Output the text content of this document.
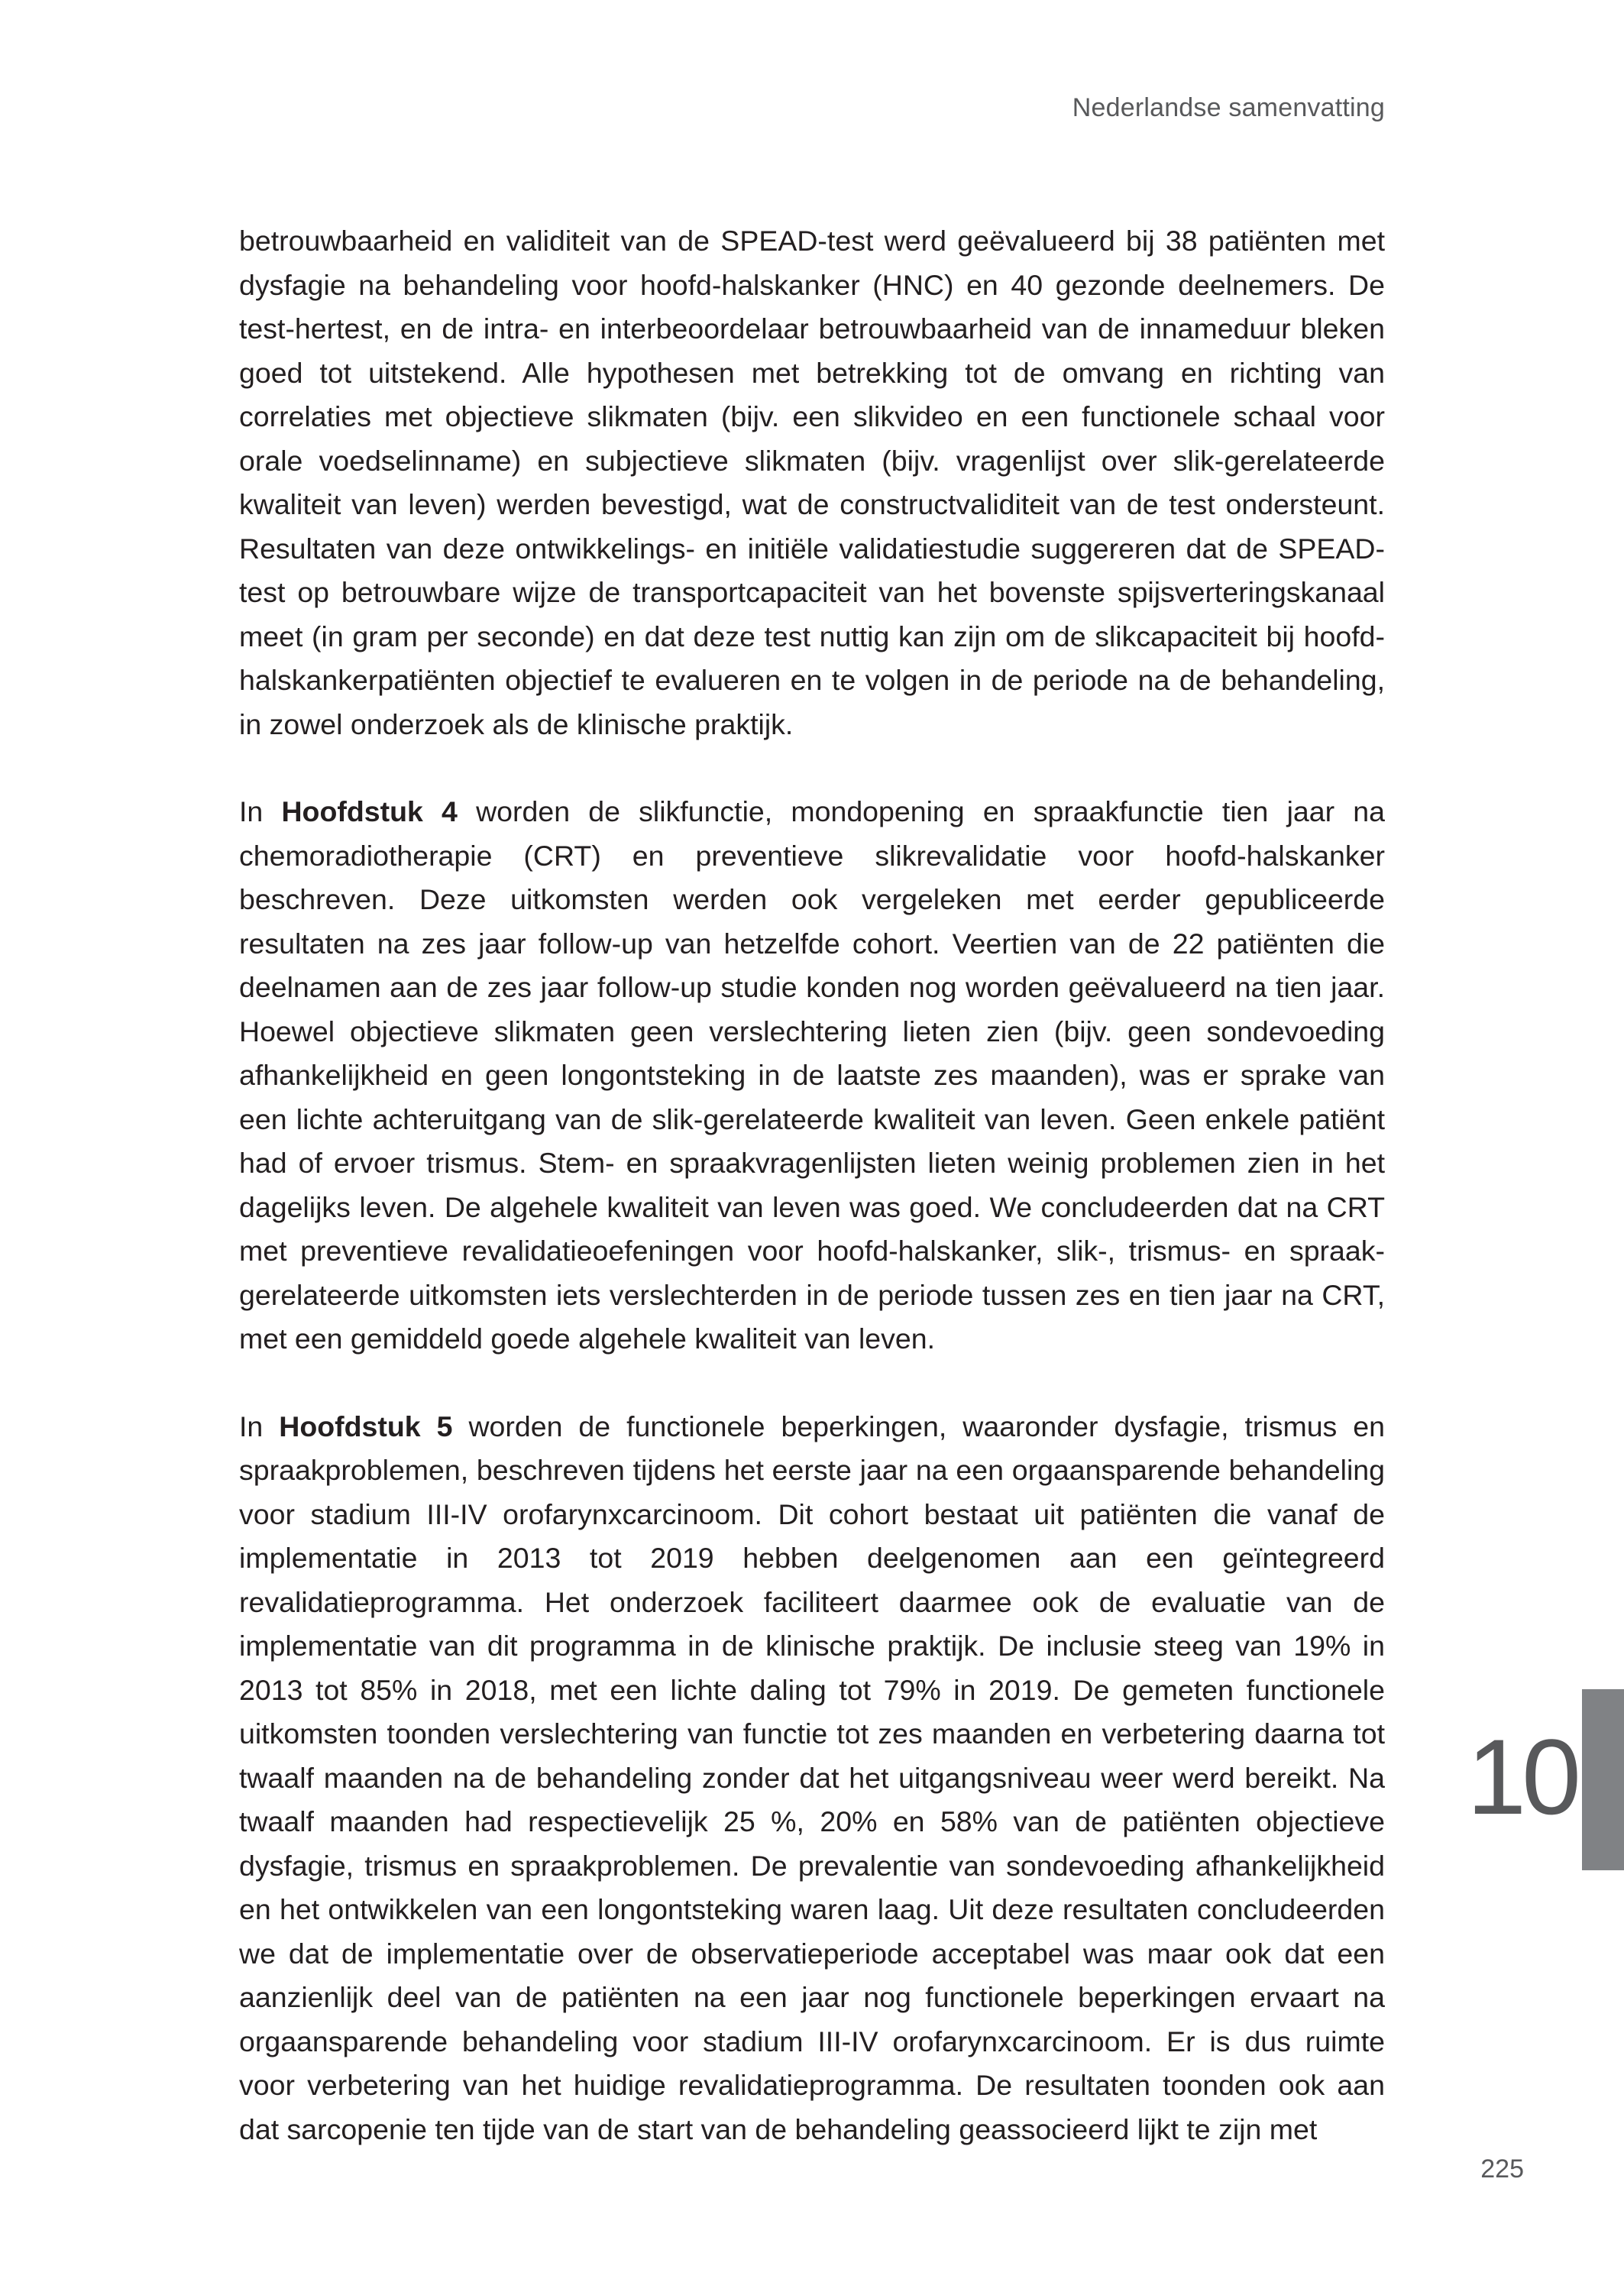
Nederlandse samenvatting

betrouwbaarheid en validiteit van de SPEAD-test werd geëvalueerd bij 38 patiënten met dysfagie na behandeling voor hoofd-halskanker (HNC) en 40 gezonde deelnemers. De test-hertest, en de intra- en interbeoordelaar betrouwbaarheid van de innameduur bleken goed tot uitstekend. Alle hypothesen met betrekking tot de omvang en richting van correlaties met objectieve slikmaten (bijv. een slikvideo en een functionele schaal voor orale voedselinname) en subjectieve slikmaten (bijv. vragenlijst over slik-gerelateerde kwaliteit van leven) werden bevestigd, wat de constructvaliditeit van de test ondersteunt. Resultaten van deze ontwikkelings- en initiële validatiestudie suggereren dat de SPEAD-test op betrouwbare wijze de transportcapaciteit van het bovenste spijsverteringskanaal meet (in gram per seconde) en dat deze test nuttig kan zijn om de slikcapaciteit bij hoofd-halskankerpatiënten objectief te evalueren en te volgen in de periode na de behandeling, in zowel onderzoek als de klinische praktijk.

In Hoofdstuk 4 worden de slikfunctie, mondopening en spraakfunctie tien jaar na chemoradiotherapie (CRT) en preventieve slikrevalidatie voor hoofd-halskanker beschreven. Deze uitkomsten werden ook vergeleken met eerder gepubliceerde resultaten na zes jaar follow-up van hetzelfde cohort. Veertien van de 22 patiënten die deelnamen aan de zes jaar follow-up studie konden nog worden geëvalueerd na tien jaar. Hoewel objectieve slikmaten geen verslechtering lieten zien (bijv. geen sondevoeding afhankelijkheid en geen longontsteking in de laatste zes maanden), was er sprake van een lichte achteruitgang van de slik-gerelateerde kwaliteit van leven. Geen enkele patiënt had of ervoer trismus. Stem- en spraakvragenlijsten lieten weinig problemen zien in het dagelijks leven. De algehele kwaliteit van leven was goed. We concludeerden dat na CRT met preventieve revalidatieoefeningen voor hoofd-halskanker, slik-, trismus- en spraak-gerelateerde uitkomsten iets verslechterden in de periode tussen zes en tien jaar na CRT, met een gemiddeld goede algehele kwaliteit van leven.

In Hoofdstuk 5 worden de functionele beperkingen, waaronder dysfagie, trismus en spraakproblemen, beschreven tijdens het eerste jaar na een orgaansparende behandeling voor stadium III-IV orofarynxcarcinoom. Dit cohort bestaat uit patiënten die vanaf de implementatie in 2013 tot 2019 hebben deelgenomen aan een geïntegreerd revalidatieprogramma. Het onderzoek faciliteert daarmee ook de evaluatie van de implementatie van dit programma in de klinische praktijk. De inclusie steeg van 19% in 2013 tot 85% in 2018, met een lichte daling tot 79% in 2019. De gemeten functionele uitkomsten toonden verslechtering van functie tot zes maanden en verbetering daarna tot twaalf maanden na de behandeling zonder dat het uitgangsniveau weer werd bereikt. Na twaalf maanden had respectievelijk 25 %, 20% en 58% van de patiënten objectieve dysfagie, trismus en spraakproblemen. De prevalentie van sondevoeding afhankelijkheid en het ontwikkelen van een longontsteking waren laag. Uit deze resultaten concludeerden we dat de implementatie over de observatieperiode acceptabel was maar ook dat een aanzienlijk deel van de patiënten na een jaar nog functionele beperkingen ervaart na orgaansparende behandeling voor stadium III-IV orofarynxcarcinoom. Er is dus ruimte voor verbetering van het huidige revalidatieprogramma. De resultaten toonden ook aan dat sarcopenie ten tijde van de start van de behandeling geassocieerd lijkt te zijn met

10
225
